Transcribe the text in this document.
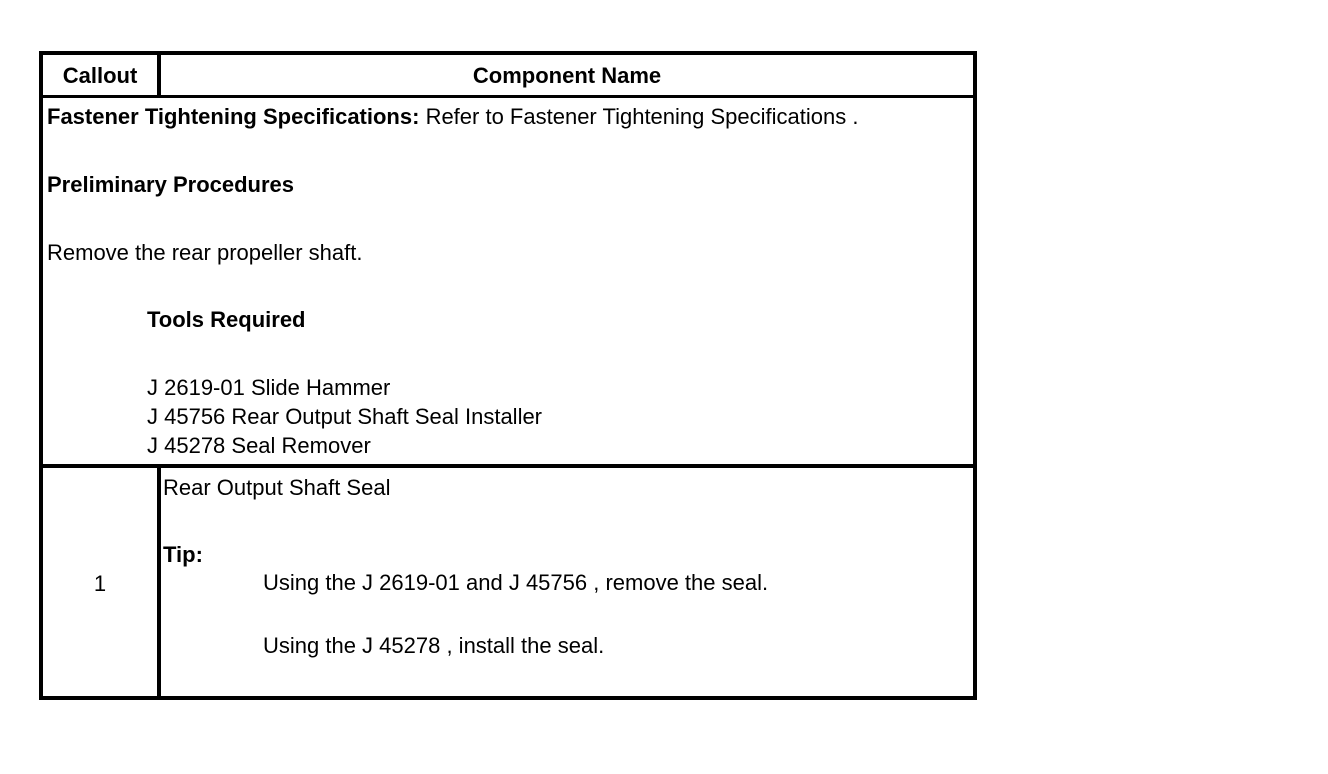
Callout	Component Name
Fastener Tightening Specifications: Refer to Fastener Tightening Specifications .
Preliminary Procedures
Remove the rear propeller shaft.
Tools Required
J 2619-01 Slide Hammer
J 45756 Rear Output Shaft Seal Installer
J 45278 Seal Remover
1
Rear Output Shaft Seal
Tip:
Using the J 2619-01 and J 45756 , remove the seal.
Using the J 45278 , install the seal.
